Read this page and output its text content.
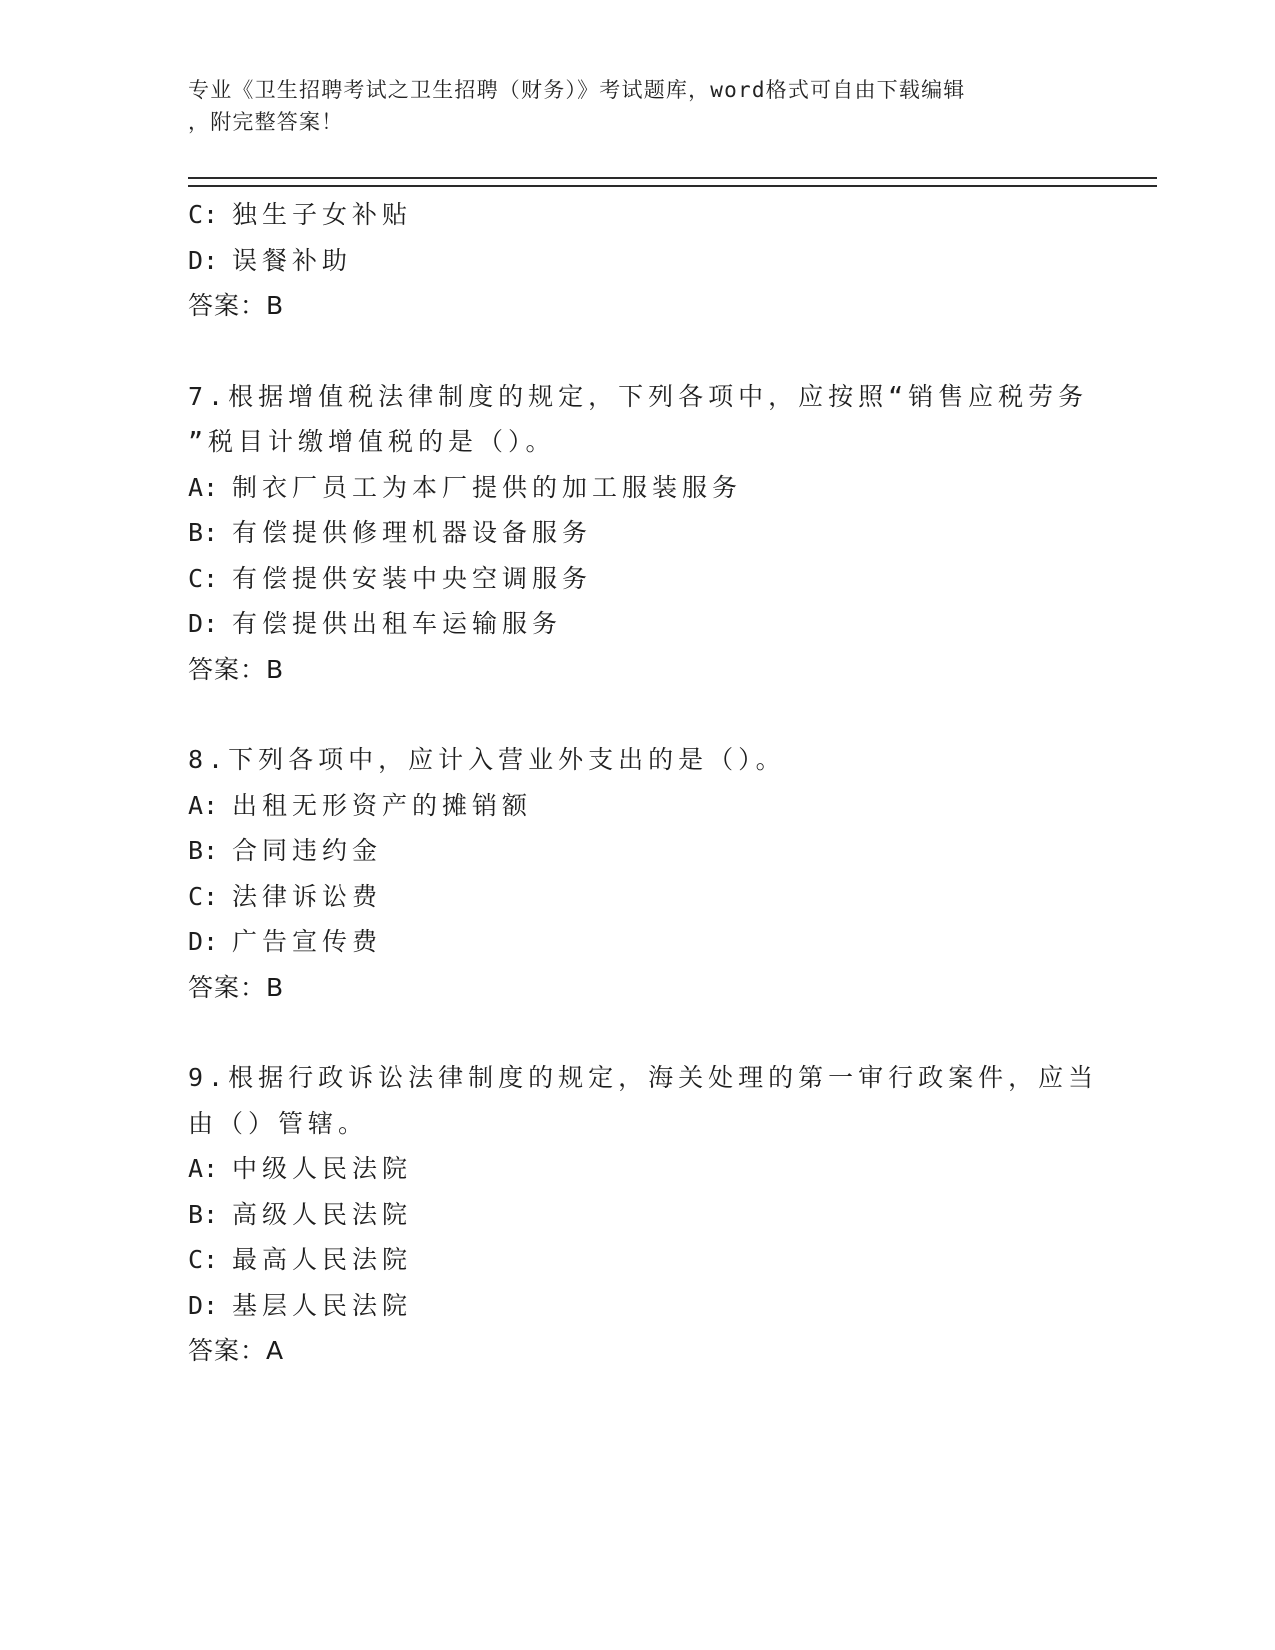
专业《卫生招聘考试之卫生招聘（财务）》考试题库，word格式可自由下载编辑
，附完整答案！
C: 独生子女补贴
D: 误餐补助
答案：B
7.根据增值税法律制度的规定，下列各项中，应按照“销售应税劳务
”税目计缴增值税的是（）。
A: 制衣厂员工为本厂提供的加工服装服务
B: 有偿提供修理机器设备服务
C: 有偿提供安装中央空调服务
D: 有偿提供出租车运输服务
答案：B
8.下列各项中，应计入营业外支出的是（）。
A: 出租无形资产的摊销额
B: 合同违约金
C: 法律诉讼费
D: 广告宣传费
答案：B
9.根据行政诉讼法律制度的规定，海关处理的第一审行政案件，应当
由（）管辖。
A: 中级人民法院
B: 高级人民法院
C: 最高人民法院
D: 基层人民法院
答案：A
